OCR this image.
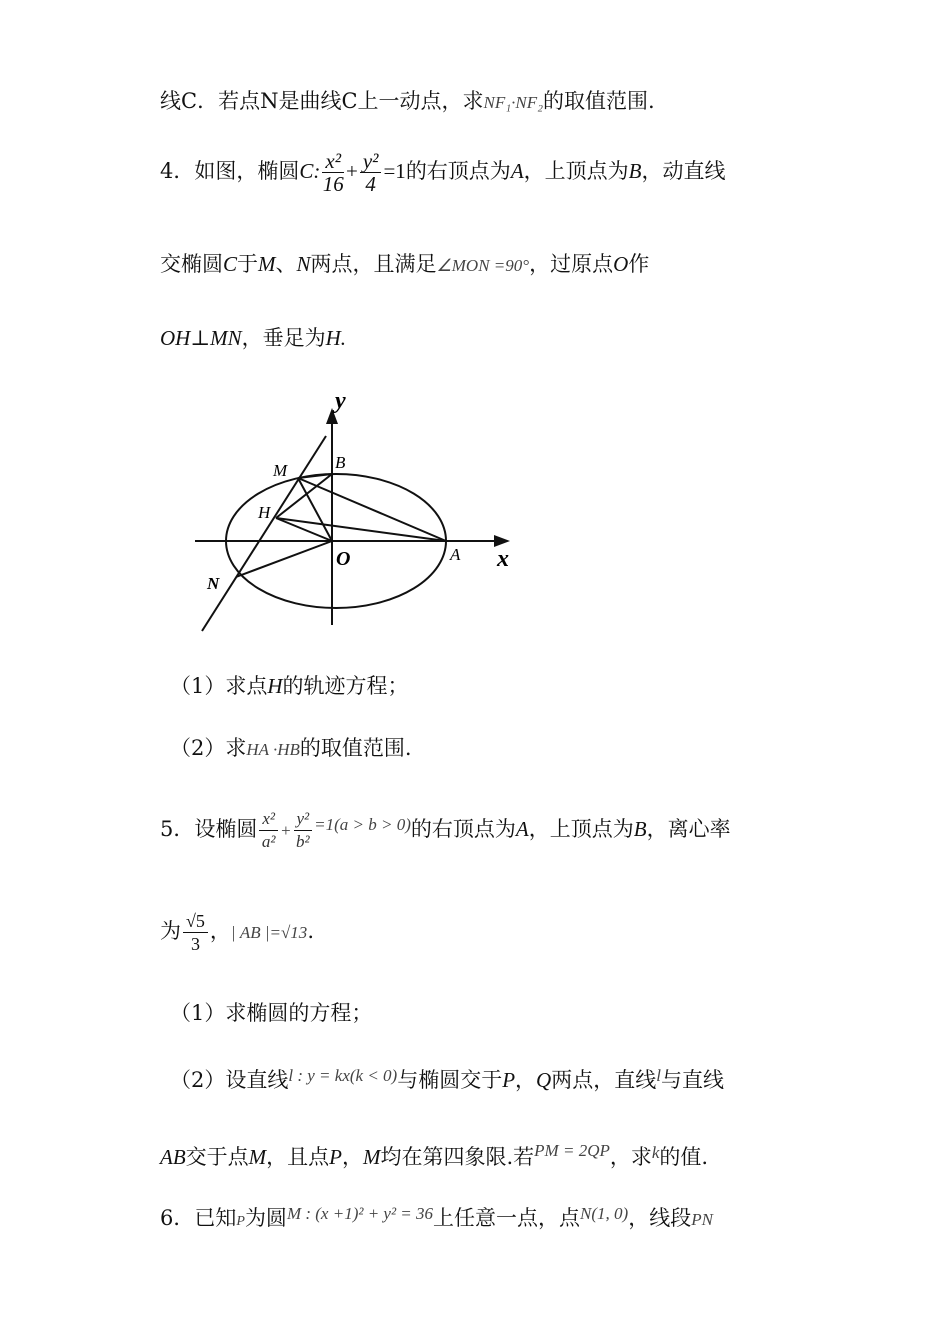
线C．若点N是曲线C上一动点，求NF₁·NF₂的取值范围.
4．如图，椭圆C: $\frac{\text{x²}}{16} + \frac{\text{y²}}{4} =1$的右顶点为A，上顶点为B，动直线
交椭圆C于M、N两点，且满足∠MON =90°，过原点O作
OH⊥MN，垂足为H.
y
x
O	A
B
M
H
N
（1）求点H的轨迹方程；
（2）求HA ·HB的取值范围.
5．设椭圆 $\frac{\text{x²}}{\text{a²}} + \frac{\text{y²}}{\text{b²}} ^{=1(a > b > 0)}$的右顶点为A，上顶点为B，离心率
为 $\frac{√5}{3}$ ，| AB |=√13.
（1）求椭圆的方程；
（2）设直线$^{l : y = kx(k < 0)}$与椭圆交于P，Q两点，直线$^l$与直线
AB交于点M，且点P，M均在第四象限.若$^{PM = 2QP}$，求$^k$的值.
6．已知P为圆$^{M : (x +1)^2 + y^2 = 36}$上任意一点，点$^{N(1, 0)}$，线段PN
